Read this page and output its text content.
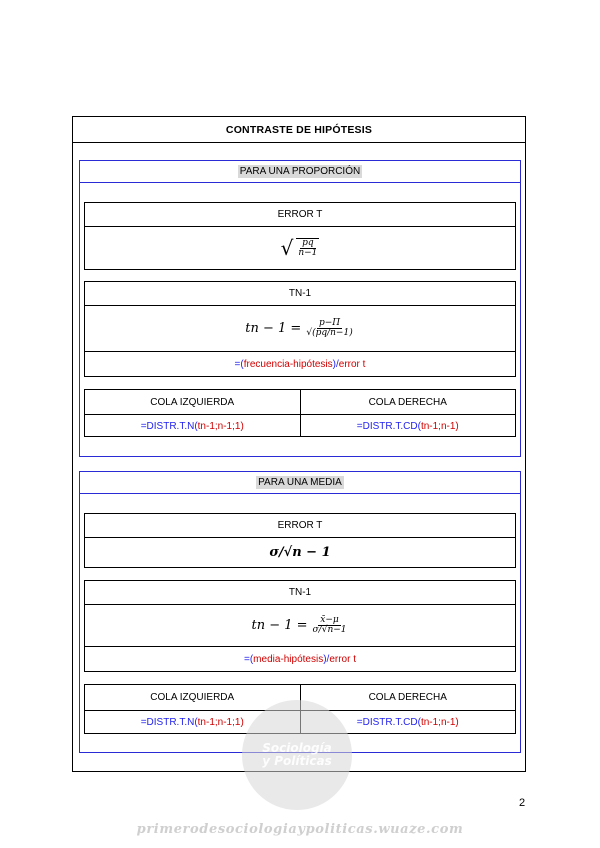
CONTRASTE DE HIPÓTESIS
PARA UNA PROPORCIÓN
ERROR T
√ $\frac{pq}{n-1}$
TN-1
tn − $1 = \frac{p-\Pi}{√(pq/n-1)}$
=( frecuencia-hipótesis )/ error t
COLA IZQUIERDA	COLA DERECHA
=DISTR.T.N( tn-1;n-1;1)	=DISTR.T.CD( tn-1;n-1)
PARA UNA MEDIA
ERROR T
σ/√n − 1
TN-1
tn − $1 = \frac{x̄-\mu}{\sigma/√n-1}$
=( media-hipótesis )/ error t
COLA IZQUIERDA	COLA DERECHA
=DISTR.T.N( tn-1;n-1;1)	=DISTR.T.CD( tn-1;n-1)
Sociología
y Políticas
2
primerodesociologiaypoliticas.wuaze.com
